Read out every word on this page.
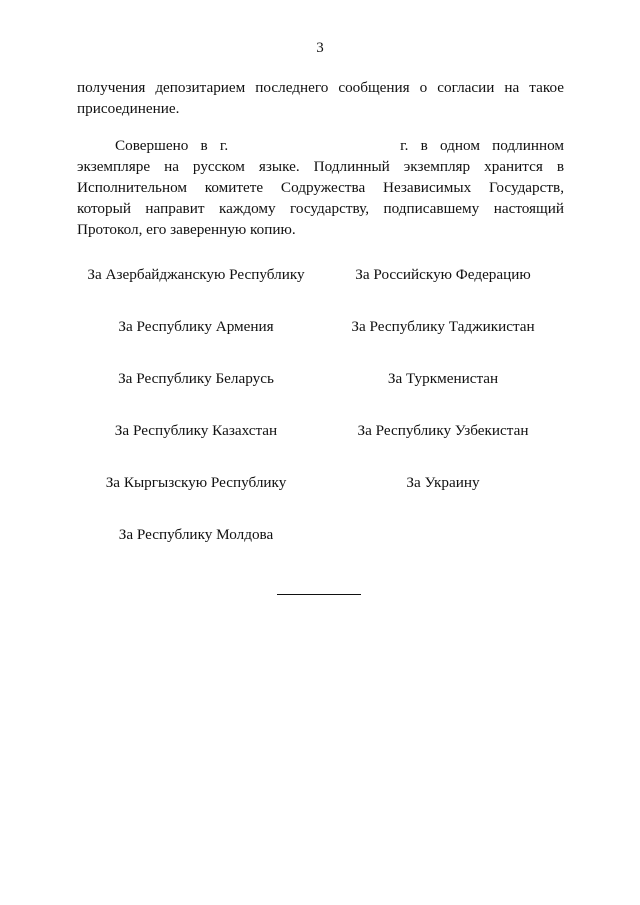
3
получения депозитарием последнего сообщения о согласии на такое присоединение.
Совершено в г.	г. в одном подлинном экземпляре на русском языке. Подлинный экземпляр хранится в Исполнительном комитете Содружества Независимых Государств, который направит каждому государству, подписавшему настоящий Протокол, его заверенную копию.
За Азербайджанскую Республику
За Республику Армения
За Республику Беларусь
За Республику Казахстан
За Кыргызскую Республику
За Республику Молдова
За Российскую Федерацию
За Республику Таджикистан
За Туркменистан
За Республику Узбекистан
За Украину
